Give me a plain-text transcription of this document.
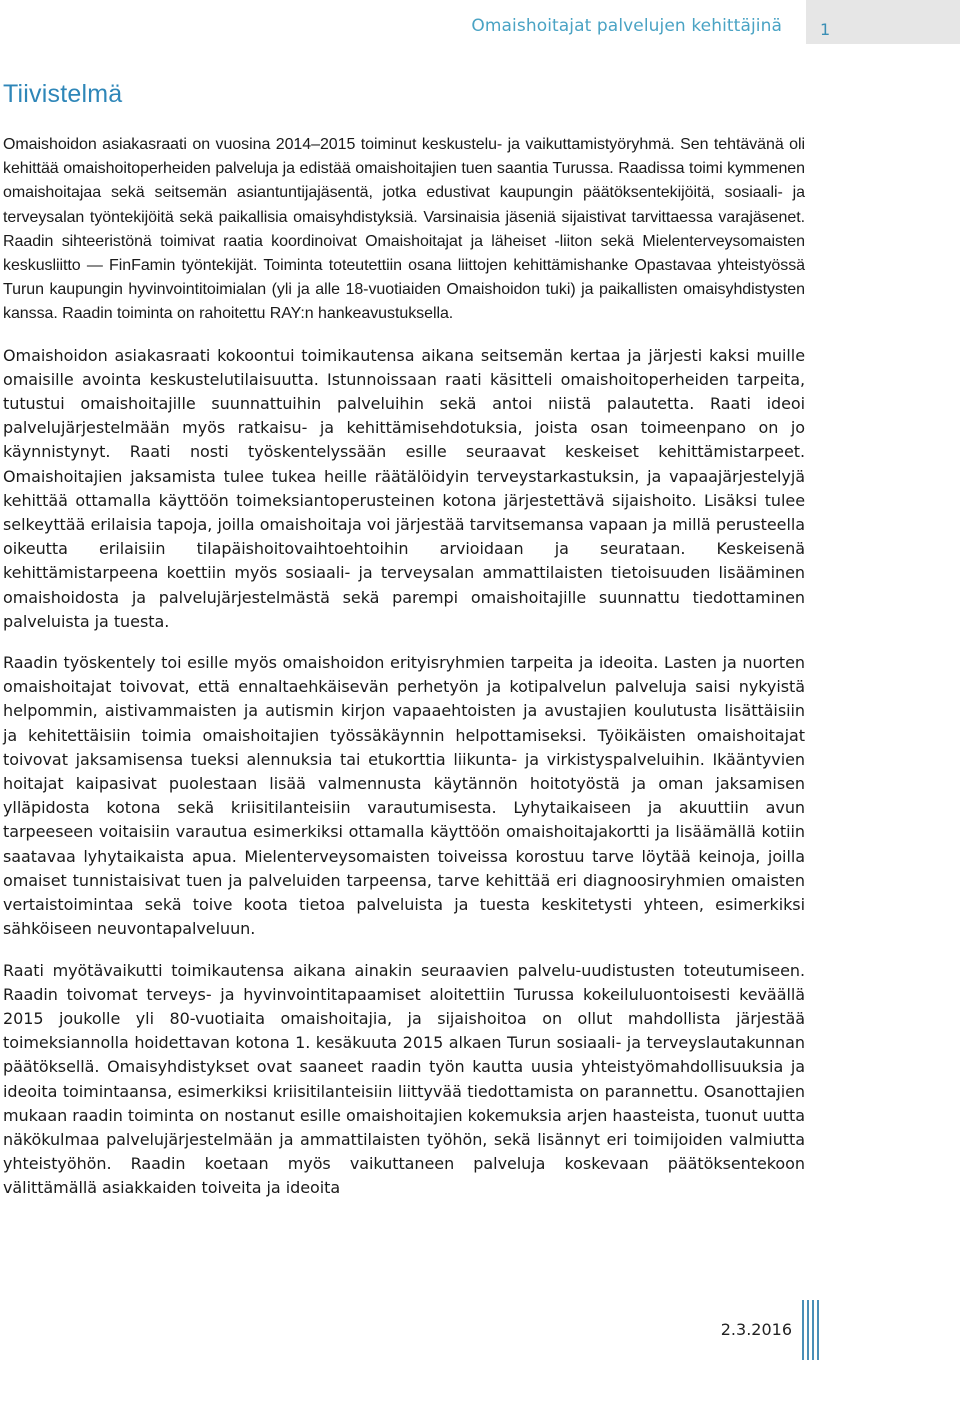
Omaishoitajat palvelujen kehittäjinä 1
Tiivistelmä

Omaishoidon asiakasraati on vuosina 2014–2015 toiminut keskustelu- ja vaikuttamistyöryhmä. Sen tehtävänä oli kehittää omaishoitoperheiden palveluja ja edistää omaishoitajien tuen saantia Turussa. Raadissa toimi kymmenen omaishoitajaa sekä seitsemän asiantuntijajäsentä, jotka edustivat kaupungin päätöksentekijöitä, sosiaali- ja terveysalan työntekijöitä sekä paikallisia omaisyhdistyksiä. Varsinaisia jäseniä sijaistivat tarvittaessa varajäsenet. Raadin sihteeristönä toimivat raatia koordinoivat Omaishoitajat ja läheiset -liiton sekä Mielenterveysomaisten keskusliitto — FinFamin työntekijät. Toiminta toteutettiin osana liittojen kehittämishanke Opastavaa yhteistyössä Turun kaupungin hyvinvointitoimialan (yli ja alle 18-vuotiaiden Omaishoidon tuki) ja paikallisten omaisyhdistysten kanssa. Raadin toiminta on rahoitettu RAY:n hankeavustuksella.

Omaishoidon asiakasraati kokoontui toimikautensa aikana seitsemän kertaa ja järjesti kaksi muille omaisille avointa keskustelutilaisuutta. Istunnoissaan raati käsitteli omaishoitoperheiden tarpeita, tutustui omaishoitajille suunnattuihin palveluihin sekä antoi niistä palautetta. Raati ideoi palvelujärjestelmään myös ratkaisu- ja kehittämisehdotuksia, joista osan toimeenpano on jo käynnistynyt. Raati nosti työskentelyssään esille seuraavat keskeiset kehittämistarpeet. Omaishoitajien jaksamista tulee tukea heille räätälöidyin terveystarkastuksin, ja vapaajärjestelyjä kehittää ottamalla käyttöön toimeksiantoperusteinen kotona järjestettävä sijaishoito. Lisäksi tulee selkeyttää erilaisia tapoja, joilla omaishoitaja voi järjestää tarvitsemansa vapaan ja millä perusteella oikeutta erilaisiin tilapäishoitovaihtoehtoihin arvioidaan ja seurataan. Keskeisenä kehittämistarpeena koettiin myös sosiaali- ja terveysalan ammattilaisten tietoisuuden lisääminen omaishoidosta ja palvelujärjestelmästä sekä parempi omaishoitajille suunnattu tiedottaminen palveluista ja tuesta.

Raadin työskentely toi esille myös omaishoidon erityisryhmien tarpeita ja ideoita. Lasten ja nuorten omaishoitajat toivovat, että ennaltaehkäisevän perhetyön ja kotipalvelun palveluja saisi nykyistä helpommin, aistivammaisten ja autismin kirjon vapaaehtoisten ja avustajien koulutusta lisättäisiin ja kehitettäisiin toimia omaishoitajien työssäkäynnin helpottamiseksi. Työikäisten omaishoitajat toivovat jaksamisensa tueksi alennuksia tai etukorttia liikunta- ja virkistyspalveluihin. Ikääntyvien hoitajat kaipasivat puolestaan lisää valmennusta käytännön hoitotyöstä ja oman jaksamisen ylläpidosta kotona sekä kriisitilanteisiin varautumisesta. Lyhytaikaiseen ja akuuttiin avun tarpeeseen voitaisiin varautua esimerkiksi ottamalla käyttöön omaishoitajakortti ja lisäämällä kotiin saatavaa lyhytaikaista apua. Mielenterveysomaisten toiveissa korostuu tarve löytää keinoja, joilla omaiset tunnistaisivat tuen ja palveluiden tarpeensa, tarve kehittää eri diagnoosiryhmien omaisten vertaistoimintaa sekä toive koota tietoa palveluista ja tuesta keskitetysti yhteen, esimerkiksi sähköiseen neuvontapalveluun.

Raati myötävaikutti toimikautensa aikana ainakin seuraavien palvelu-uudistusten toteutumiseen. Raadin toivomat terveys- ja hyvinvointitapaamiset aloitettiin Turussa kokeiluluontoisesti keväällä 2015 joukolle yli 80-vuotiaita omaishoitajia, ja sijaishoitoa on ollut mahdollista järjestää toimeksiannolla hoidettavan kotona 1. kesäkuuta 2015 alkaen Turun sosiaali- ja terveyslautakunnan päätöksellä. Omaisyhdistykset ovat saaneet raadin työn kautta uusia yhteistyömahdollisuuksia ja ideoita toimintaansa, esimerkiksi kriisitilanteisiin liittyvää tiedottamista on parannettu. Osanottajien mukaan raadin toiminta on nostanut esille omaishoitajien kokemuksia arjen haasteista, tuonut uutta näkökulmaa palvelujärjestelmään ja ammattilaisten työhön, sekä lisännyt eri toimijoiden valmiutta yhteistyöhön. Raadin koetaan myös vaikuttaneen palveluja koskevaan päätöksentekoon välittämällä asiakkaiden toiveita ja ideoita

2.3.2016
